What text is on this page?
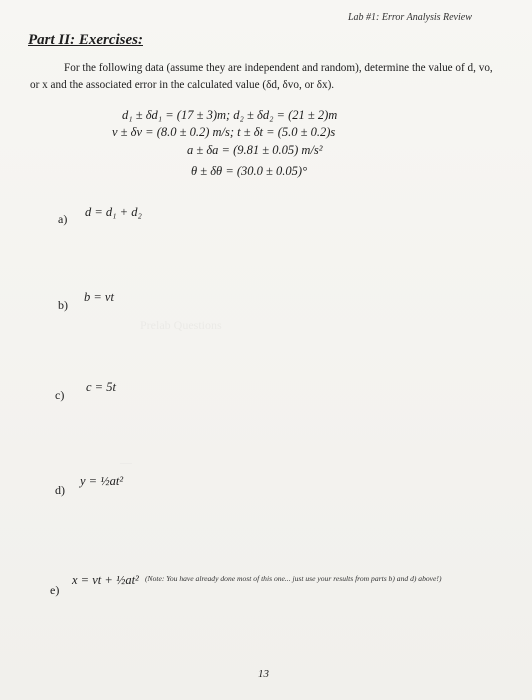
Prelab Questions
—
Lab #1: Error Analysis Review
Part II: Exercises:
For the following data (assume they are independent and random), determine the value of d, vo, or x and the associated error in the calculated value (δd, δvo, or δx).
d₁ ± δd₁ = (17 ± 3)m; d₂ ± δd₂ = (21 ± 2)m
v ± δv = (8.0 ± 0.2) m/s; t ± δt = (5.0 ± 0.2)s
a ± δa = (9.81 ± 0.05) m/s²
θ ± δθ = (30.0 ± 0.05)°
a) d = d₁ + d₂
b)
b = vt
c)
c = 5t
d)
y = ½at²
e)
x = vt + ½at² (Note: You have already done most of this one... just use your results from parts b) and d) above!)
13
